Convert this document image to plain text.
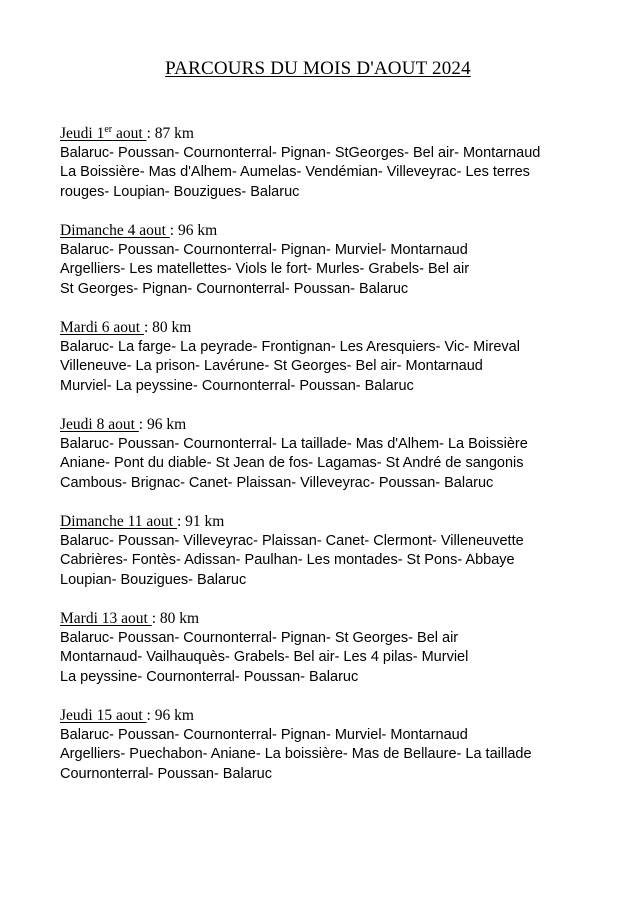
PARCOURS DU MOIS D'AOUT 2024
Jeudi 1er aout : 87 km
Balaruc- Poussan- Cournonterral- Pignan- StGeorges- Bel air- Montarnaud
La Boissière- Mas d'Alhem- Aumelas- Vendémian- Villeveyrac- Les terres
rouges- Loupian- Bouzigues- Balaruc
Dimanche 4 aout : 96 km
Balaruc- Poussan- Cournonterral- Pignan- Murviel- Montarnaud
Argelliers- Les matellettes- Viols le fort- Murles- Grabels- Bel air
St Georges- Pignan- Cournonterral- Poussan- Balaruc
Mardi 6 aout : 80 km
Balaruc- La farge- La peyrade- Frontignan- Les Aresquiers- Vic- Mireval
Villeneuve- La prison- Lavérune- St Georges- Bel air- Montarnaud
Murviel- La peyssine- Cournonterral- Poussan- Balaruc
Jeudi 8 aout : 96 km
Balaruc- Poussan- Cournonterral- La taillade- Mas d'Alhem- La Boissière
Aniane- Pont du diable- St Jean de fos- Lagamas- St André de sangonis
Cambous- Brignac- Canet- Plaissan- Villeveyrac- Poussan- Balaruc
Dimanche 11 aout : 91 km
Balaruc- Poussan- Villeveyrac- Plaissan- Canet- Clermont- Villeneuvette
Cabrières- Fontès- Adissan- Paulhan- Les montades- St Pons- Abbaye
Loupian- Bouzigues- Balaruc
Mardi 13 aout : 80 km
Balaruc- Poussan- Cournonterral- Pignan- St Georges- Bel air
Montarnaud- Vailhauquès- Grabels- Bel air- Les 4 pilas- Murviel
La peyssine- Cournonterral- Poussan- Balaruc
Jeudi 15 aout : 96 km
Balaruc- Poussan- Cournonterral- Pignan- Murviel- Montarnaud
Argelliers- Puechabon- Aniane- La boissière- Mas de Bellaure- La taillade
Cournonterral- Poussan- Balaruc
